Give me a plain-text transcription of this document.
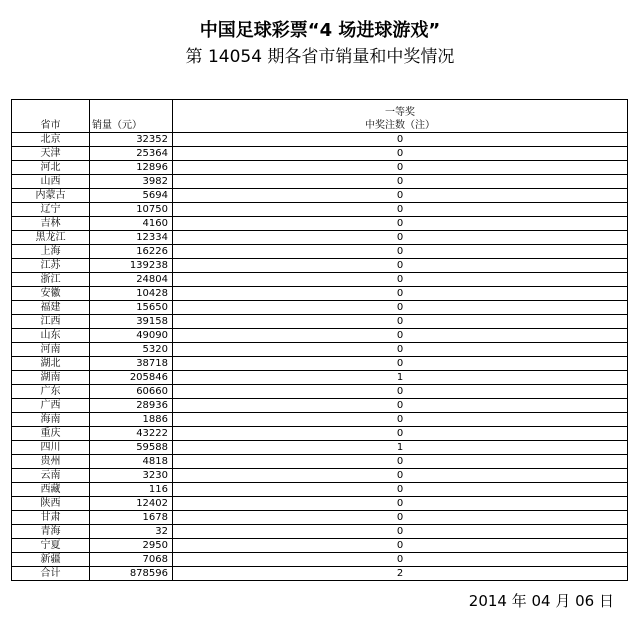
中国足球彩票“4 场进球游戏”
第 14054 期各省市销量和中奖情况
省市	销量（元）	一等奖
中奖注数（注）

北京	32352	0
天津	25364	0
河北	12896	0
山西	3982	0
内蒙古	5694	0
辽宁	10750	0
吉林	4160	0
黑龙江	12334	0
上海	16226	0
江苏	139238	0
浙江	24804	0
安徽	10428	0
福建	15650	0
江西	39158	0
山东	49090	0
河南	5320	0
湖北	38718	0
湖南	205846	1
广东	60660	0
广西	28936	0
海南	1886	0
重庆	43222	0
四川	59588	1
贵州	4818	0
云南	3230	0
西藏	116	0
陕西	12402	0
甘肃	1678	0
青海	32	0
宁夏	2950	0
新疆	7068	0
合计	878596	2
2014 年 04 月 06 日
